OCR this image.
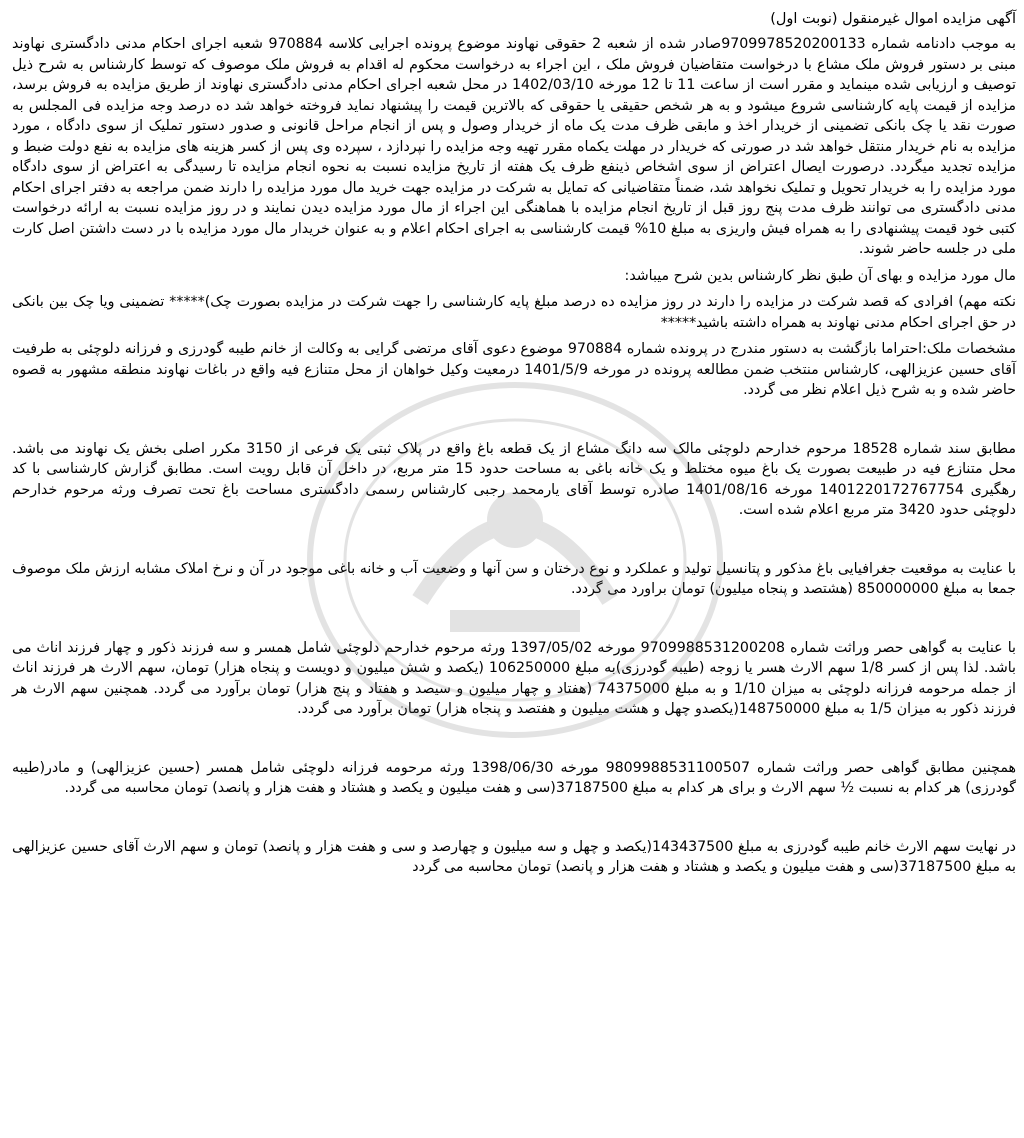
آگهی مزایده اموال غیرمنقول (نوبت اول)

به موجب دادنامه شماره 9709978520200133صادر شده از شعبه 2 حقوقی نهاوند موضوع پرونده اجرایی کلاسه 970884 شعبه اجرای احکام مدنی دادگستری نهاوند مبنی بر دستور فروش ملک مشاع با درخواست متقاضیان فروش ملک ، این اجراء به درخواست محکوم له اقدام به فروش ملک موصوف که توسط کارشناس به شرح ذیل توصیف و ارزیابی شده مینماید و مقرر است از ساعت 11 تا 12 مورخه 1402/03/10 در محل شعبه اجرای احکام مدنی دادگستری نهاوند از طریق مزایده به فروش برسد، مزایده از قیمت پایه کارشناسی شروع میشود و به هر شخص حقیقی یا حقوقی که بالاترین قیمت را پیشنهاد نماید فروخته خواهد شد ده درصد وجه مزایده فی المجلس به صورت نقد یا چک بانکی تضمینی از خریدار اخذ و مابقی ظرف مدت یک ماه از خریدار وصول و پس از انجام مراحل قانونی و صدور دستور تملیک از سوی دادگاه ، مورد مزایده به نام خریدار منتقل خواهد شد در صورتی که خریدار در مهلت یکماه مقرر تهیه وجه مزایده را نپردازد ، سپرده وی پس از کسر هزینه های مزایده به نفع دولت ضبط و مزایده تجدید میگردد. درصورت ایصال اعتراض از سوی اشخاص ذینفع ظرف یک هفته از تاریخ مزایده نسبت به نحوه انجام مزایده تا رسیدگی به اعتراض از سوی دادگاه مورد مزایده را به خریدار تحویل و تملیک نخواهد شد، ضمناً متقاضیانی که تمایل به شرکت در مزایده جهت خرید مال مورد مزایده را دارند ضمن مراجعه به دفتر اجرای احکام مدنی دادگستری می توانند ظرف مدت پنج روز قبل از تاریخ انجام مزایده با هماهنگی این اجراء از مال مورد مزایده دیدن نمایند و در روز مزایده نسبت به ارائه درخواست کتبی خود قیمت پیشنهادی را به همراه فیش واریزی به مبلغ 10% قیمت کارشناسی به اجرای احکام اعلام و به عنوان خریدار مال مورد مزایده با در دست داشتن اصل کارت ملی در جلسه حاضر شوند.

مال مورد مزایده و بهای آن طبق نظر کارشناس بدین شرح میباشد:

نکته مهم) افرادی که قصد شرکت در مزایده را دارند در روز مزایده ده درصد مبلغ پایه کارشناسی را جهت شرکت در مزایده بصورت چک)***** تضمینی ویا چک بین بانکی در حق اجرای احکام مدنی نهاوند به همراه داشته باشید*****

مشخصات ملک:احتراما بازگشت به دستور مندرج در پرونده شماره 970884 موضوع دعوی آقای مرتضی گرایی به وکالت از خانم طیبه گودرزی و فرزانه دلوچئی به طرفیت آقای حسین عزیزالهی، کارشناس منتخب ضمن مطالعه پرونده در مورخه 1401/5/9 درمعیت وکیل خواهان از محل متنازع فیه واقع در باغات نهاوند منطقه مشهور به قصوه حاضر شده و به شرح ذیل اعلام نظر می گردد.

مطابق سند شماره 18528 مرحوم خدارحم دلوچئی مالک سه دانگ مشاع از یک قطعه باغ واقع در پلاک ثبتی یک فرعی از 3150 مکرر اصلی بخش یک نهاوند می باشد. محل متنازع فیه در طبیعت بصورت یک باغ میوه مختلط و یک خانه باغی به مساحت حدود 15 متر مربع، در داخل آن قابل رویت است. مطابق گزارش کارشناسی با کد رهگیری 1401220172767754 مورخه 1401/08/16 صادره توسط آقای یارمحمد رجبی کارشناس رسمی دادگستری مساحت باغ تحت تصرف ورثه مرحوم خدارحم دلوچئی حدود 3420 متر مربع اعلام شده است.

با عنایت به موقعیت جغرافیایی باغ مذکور و پتانسیل تولید و عملکرد و نوع درختان و سن آنها و وضعیت آب و خانه باغی موجود در آن و نرخ املاک مشابه ارزش ملک موصوف جمعا به مبلغ 850000000 (هشتصد و پنجاه میلیون) تومان براورد می گردد.

با عنایت به گواهی حصر وراثت شماره 9709988531200208 مورخه 1397/05/02 ورثه مرحوم خدارحم دلوچئی شامل همسر و سه فرزند ذکور و چهار فرزند اناث می باشد. لذا پس از کسر 1/8 سهم الارث هسر یا زوجه (طیبه گودرزی)به مبلغ 106250000 (یکصد و شش میلیون و دویست و پنجاه هزار) تومان، سهم الارث هر فرزند اناث از جمله مرحومه فرزانه دلوچئی به میزان 1/10 و به مبلغ 74375000 (هفتاد و چهار میلیون و سیصد و هفتاد و پنج هزار) تومان برآورد می گردد. همچنین سهم الارث هر فرزند ذکور به میزان 1/5 به مبلغ 148750000(یکصدو چهل و هشت میلیون و هفتصد و پنجاه هزار) تومان برآورد می گردد.

همچنین مطابق گواهی حصر وراثت شماره 9809988531100507 مورخه 1398/06/30 ورثه مرحومه فرزانه دلوچئی شامل همسر (حسین عزیزالهی) و مادر(طیبه گودرزی) هر کدام به نسبت ½ سهم الارث و برای هر کدام به مبلغ 37187500(سی و هفت میلیون و یکصد و هشتاد و هفت هزار و پانصد) تومان محاسبه می گردد.

در نهایت سهم الارث خانم طیبه گودرزی به مبلغ 143437500(یکصد و چهل و سه میلیون و چهارصد و سی و هفت هزار و پانصد) تومان و سهم الارث آقای حسین عزیزالهی به مبلغ 37187500(سی و هفت میلیون و یکصد و هشتاد و هفت هزار و پانصد) تومان محاسبه می گردد
